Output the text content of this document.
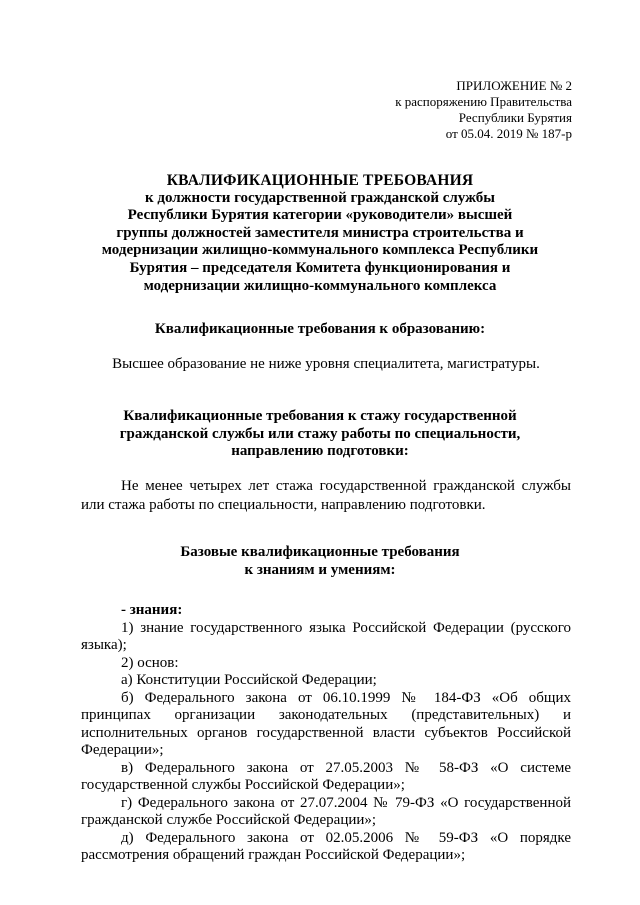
ПРИЛОЖЕНИЕ № 2
к распоряжению Правительства
Республики Бурятия
от 05.04. 2019 № 187-р
КВАЛИФИКАЦИОННЫЕ ТРЕБОВАНИЯ
к должности государственной гражданской службы
Республики Бурятия категории «руководители» высшей
группы должностей заместителя министра строительства и
модернизации жилищно-коммунального комплекса Республики
Бурятия – председателя Комитета функционирования и
модернизации жилищно-коммунального комплекса
Квалификационные требования к образованию:
Высшее образование не ниже уровня специалитета, магистратуры.
Квалификационные требования к стажу государственной
гражданской службы или стажу работы по специальности,
направлению подготовки:
Не менее четырех лет стажа государственной гражданской службы или стажа работы по специальности, направлению подготовки.
Базовые квалификационные требования
к знаниям и умениям:

- знания:

1) знание государственного языка Российской Федерации (русского языка);

2) основ:

а) Конституции Российской Федерации;

б) Федерального закона от 06.10.1999 № 184-ФЗ «Об общих принципах организации законодательных (представительных) и исполнительных органов государственной власти субъектов Российской Федерации»;

в) Федерального закона от 27.05.2003 № 58-ФЗ «О системе государственной службы Российской Федерации»;

г) Федерального закона от 27.07.2004 № 79-ФЗ «О государственной гражданской службе Российской Федерации»;

д) Федерального закона от 02.05.2006 № 59-ФЗ «О порядке рассмотрения обращений граждан Российской Федерации»;
